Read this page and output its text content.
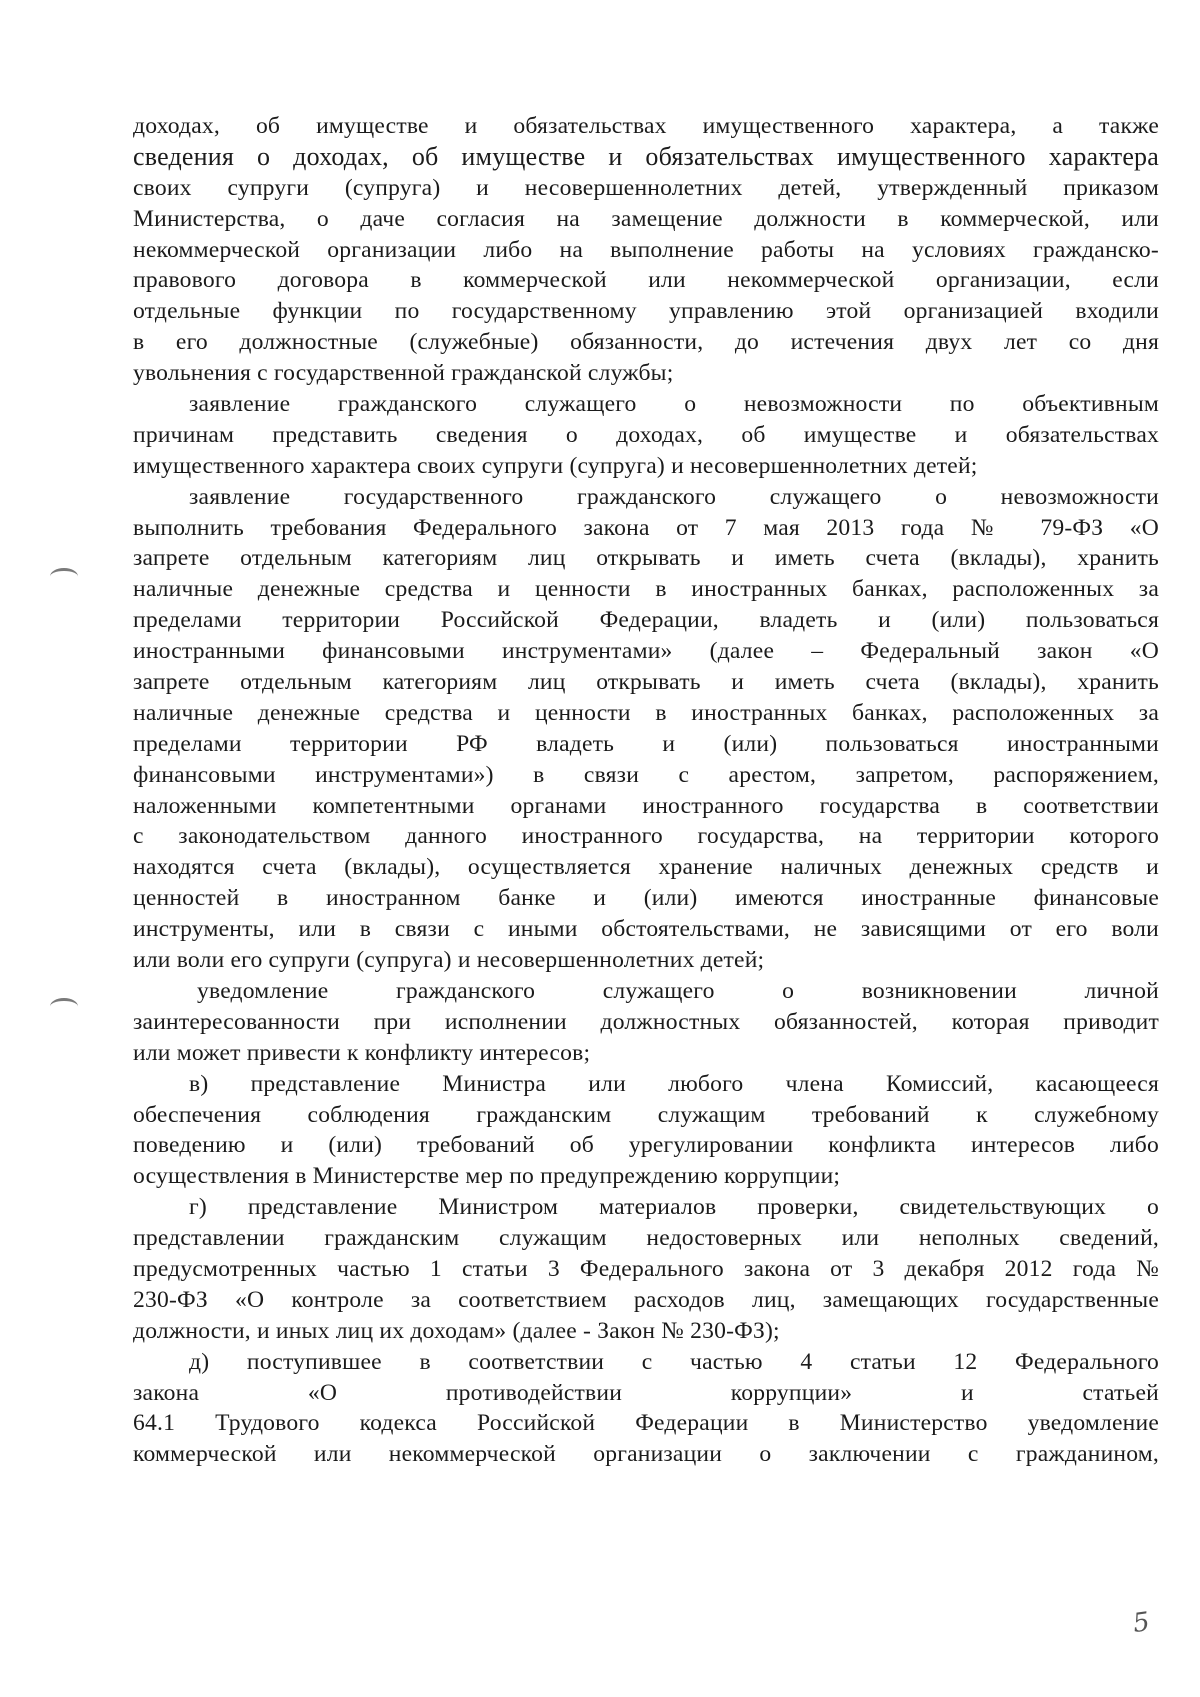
доходах, об имуществе и обязательствах имущественного характера, а также
сведения о доходах, об имуществе и обязательствах имущественного характера
своих супруги (супруга) и несовершеннолетних детей, утвержденный приказом
Министерства, о даче согласия на замещение должности в коммерческой, или
некоммерческой организации либо на выполнение работы на условиях гражданско-
правового договора в коммерческой или некоммерческой организации, если
отдельные функции по государственному управлению этой организацией входили
в его должностные (служебные) обязанности, до истечения двух лет со дня
увольнения с государственной гражданской службы;
заявление гражданского служащего о невозможности по объективным
причинам представить сведения о доходах, об имуществе и обязательствах
имущественного характера своих супруги (супруга) и несовершеннолетних детей;
заявление государственного гражданского служащего о невозможности
выполнить требования Федерального закона от 7 мая 2013 года № 79-ФЗ «О
запрете отдельным категориям лиц открывать и иметь счета (вклады), хранить
наличные денежные средства и ценности в иностранных банках, расположенных за
пределами территории Российской Федерации, владеть и (или) пользоваться
иностранными финансовыми инструментами» (далее – Федеральный закон «О
запрете отдельным категориям лиц открывать и иметь счета (вклады), хранить
наличные денежные средства и ценности в иностранных банках, расположенных за
пределами территории РФ владеть и (или) пользоваться иностранными
финансовыми инструментами») в связи с арестом, запретом, распоряжением,
наложенными компетентными органами иностранного государства в соответствии
с законодательством данного иностранного государства, на территории которого
находятся счета (вклады), осуществляется хранение наличных денежных средств и
ценностей в иностранном банке и (или) имеются иностранные финансовые
инструменты, или в связи с иными обстоятельствами, не зависящими от его воли
или воли его супруги (супруга) и несовершеннолетних детей;
уведомление гражданского служащего о возникновении личной
заинтересованности при исполнении должностных обязанностей, которая приводит
или может привести к конфликту интересов;
в) представление Министра или любого члена Комиссий, касающееся
обеспечения соблюдения гражданским служащим требований к служебному
поведению и (или) требований об урегулировании конфликта интересов либо
осуществления в Министерстве мер по предупреждению коррупции;
г) представление Министром материалов проверки, свидетельствующих о
представлении гражданским служащим недостоверных или неполных сведений,
предусмотренных частью 1 статьи 3 Федерального закона от 3 декабря 2012 года №
230-ФЗ «О контроле за соответствием расходов лиц, замещающих государственные
должности, и иных лиц их доходам» (далее - Закон № 230-ФЗ);
д) поступившее в соответствии с частью 4 статьи 12 Федерального
закона «О противодействии коррупции» и статьей
64.1 Трудового кодекса Российской Федерации в Министерство уведомление
коммерческой или некоммерческой организации о заключении с гражданином,
5
